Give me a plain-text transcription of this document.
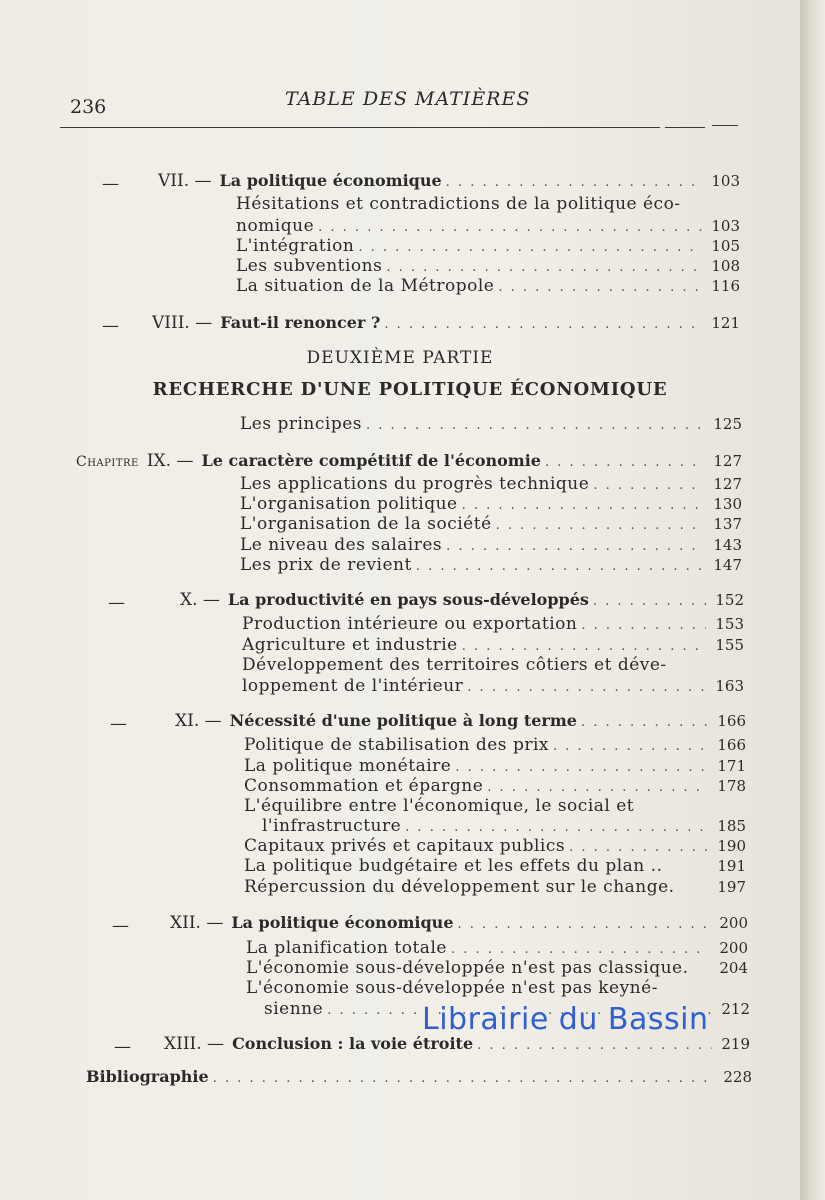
236	TABLE DES MATIÈRES
— VII. — La politique économique . . .	103
Hésitations et contradictions de la politique éco-
nomique . . .	103
L'intégration . . .	105
Les subventions . . .	108
La situation de la Métropole . . .	116
— VIII. — Faut-il renoncer ? . . .	121
DEUXIÈME PARTIE
RECHERCHE D'UNE POLITIQUE ÉCONOMIQUE
Les principes . . .	125
Chapitre IX. — Le caractère compétitif de l'économie . . .	127
Les applications du progrès technique . . .	127
L'organisation politique . . .	130
L'organisation de la société . . .	137
Le niveau des salaires . . .	143
Les prix de revient . . .	147
—	X. — La productivité en pays sous-développés . . .	152
Production intérieure ou exportation . . .	153
Agriculture et industrie . . .	155
Développement des territoires côtiers et déve-
loppement de l'intérieur . . .	163
—	XI. — Nécessité d'une politique à long terme . . .	166
Politique de stabilisation des prix . . .	166
La politique monétaire . . .	171
Consommation et épargne . . .	178
L'équilibre entre l'économique, le social et
l'infrastructure . . .	185
Capitaux privés et capitaux publics . . .	190
La politique budgétaire et les effets du plan ..	191
Répercussion du développement sur le change.	197
— XII. — La politique économique . . .	200
La planification totale . . .	200
L'économie sous-développée n'est pas classique.	204
L'économie sous-développée n'est pas keyné-
sienne . . .	212
— XIII. — Conclusion : la voie étroite . . .	219
Bibliographie . . .	228
Librairie du Bassin
